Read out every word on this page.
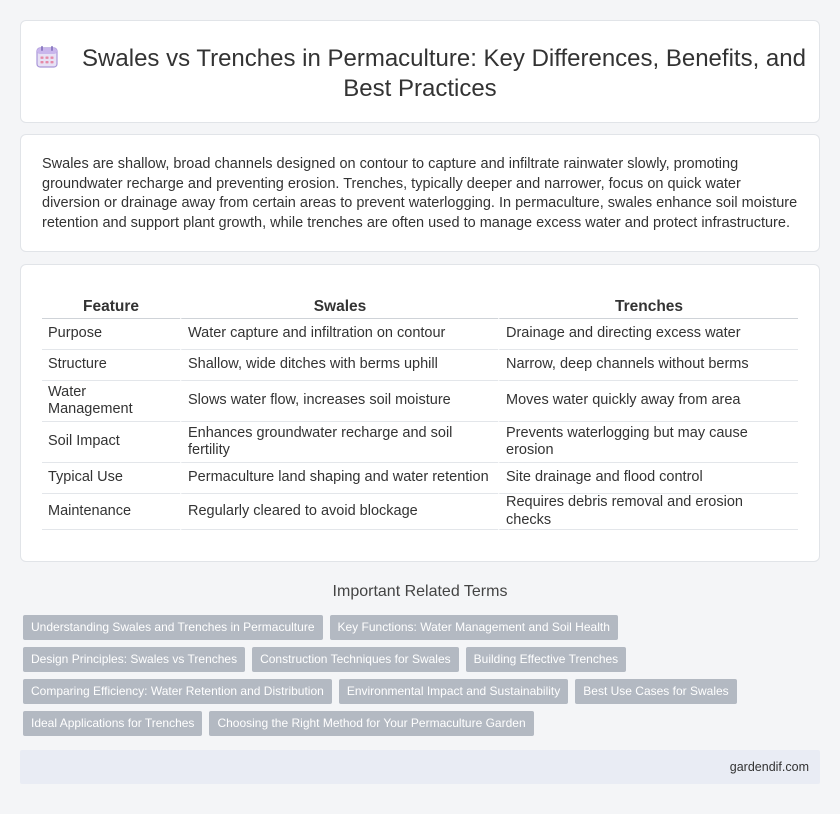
Swales vs Trenches in Permaculture: Key Differences, Benefits, and Best Practices

Swales are shallow, broad channels designed on contour to capture and infiltrate rainwater slowly, promoting groundwater recharge and preventing erosion. Trenches, typically deeper and narrower, focus on quick water diversion or drainage away from certain areas to prevent waterlogging. In permaculture, swales enhance soil moisture retention and support plant growth, while trenches are often used to manage excess water and protect infrastructure.

Feature	Swales	Trenches
Purpose	Water capture and infiltration on contour	Drainage and directing excess water
Structure	Shallow, wide ditches with berms uphill	Narrow, deep channels without berms
Water Management	Slows water flow, increases soil moisture	Moves water quickly away from area
Soil Impact	Enhances groundwater recharge and soil fertility	Prevents waterlogging but may cause erosion
Typical Use	Permaculture land shaping and water retention	Site drainage and flood control
Maintenance	Regularly cleared to avoid blockage	Requires debris removal and erosion checks
Important Related Terms
Understanding Swales and Trenches in Permaculture	Key Functions: Water Management and Soil Health
Design Principles: Swales vs Trenches	Construction Techniques for Swales	Building Effective Trenches
Comparing Efficiency: Water Retention and Distribution	Environmental Impact and Sustainability	Best Use Cases for Swales
Ideal Applications for Trenches	Choosing the Right Method for Your Permaculture Garden
gardendif.com
